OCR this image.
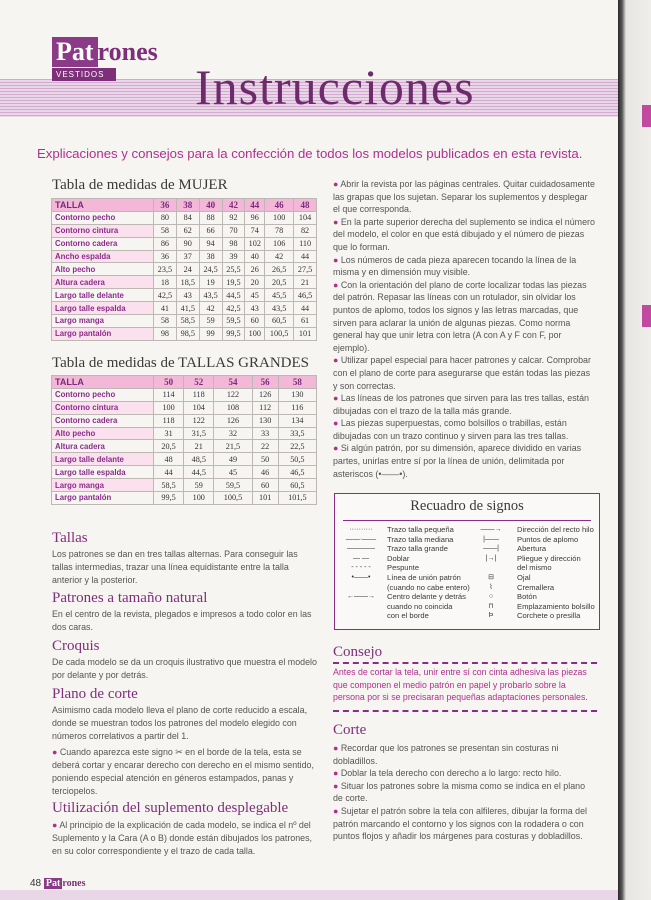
Pat rones
VESTIDOS Instrucciones
Explicaciones y consejos para la confección de todos los modelos publicados en esta revista.
Tabla de medidas de MUJER
TALLA	36	38	40	42	44	46	48
Contorno pecho	80	84	88	92	96	100	104
Contorno cintura	58	62	66	70	74	78	82
Contorno cadera	86	90	94	98	102	106	110
Ancho espalda	36	37	38	39	40	42	44
Alto pecho	23,5	24	24,5	25,5	26	26,5	27,5
Altura cadera	18	18,5	19	19,5	20	20,5	21
Largo talle delante	42,5	43	43,5	44,5	45	45,5	46,5
Largo talle espalda	41	41,5	42	42,5	43	43,5	44
Largo manga	58	58,5	59	59,5	60	60,5	61
Largo pantalón	98	98,5	99	99,5	100	100,5	101
Tabla de medidas de TALLAS GRANDES
TALLA	50	52	54	56	58
Contorno pecho	114	118	122	126	130
Contorno cintura	100	104	108	112	116
Contorno cadera	118	122	126	130	134
Alto pecho	31	31,5	32	33	33,5
Altura cadera	20,5	21	21,5	22	22,5
Largo talle delante	48	48,5	49	50	50,5
Largo talle espalda	44	44,5	45	46	46,5
Largo manga	58,5	59	59,5	60	60,5
Largo pantalón	99,5	100	100,5	101	101,5
Tallas
Los patrones se dan en tres tallas alternas. Para conseguir las tallas intermedias, trazar una línea equidistante entre la talla anterior y la posterior.
Patrones a tamaño natural
En el centro de la revista, plegados e impresos a todo color en las dos caras.
Croquis
De cada modelo se da un croquis ilustrativo que muestra el modelo por delante y por detrás.
Plano de corte
Asimismo cada modelo lleva el plano de corte reducido a escala, donde se muestran todos los patrones del modelo elegido con números correlativos a partir del 1.
● Cuando aparezca este signo ✂ en el borde de la tela, esta se deberá cortar y encarar derecho con derecho en el mismo sentido, poniendo especial atención en géneros estampados, panas y terciopelos.
Utilización del suplemento desplegable
● Al principio de la explicación de cada modelo, se indica el nº del Suplemento y la Cara (A o B) donde están dibujados los patrones, en su color correspondiente y el trazo de cada talla.

● Abrir la revista por las páginas centrales. Quitar cuidadosamente las grapas que los sujetan. Separar los suplementos y desplegar el que corresponda.

● En la parte superior derecha del suplemento se indica el número del modelo, el color en que está dibujado y el número de piezas que lo forman.

● Los números de cada pieza aparecen tocando la línea de la misma y en dimensión muy visible.

● Con la orientación del plano de corte localizar todas las piezas del patrón. Repasar las líneas con un rotulador, sin olvidar los puntos de aplomo, todos los signos y las letras marcadas, que sirven para aclarar la unión de algunas piezas. Como norma general hay que unir letra con letra (A con A y F con F, por ejemplo).

● Utilizar papel especial para hacer patrones y calcar. Comprobar con el plano de corte para asegurarse que están todas las piezas y son correctas.

● Las líneas de los patrones que sirven para las tres tallas, están dibujadas con el trazo de la talla más grande.

● Las piezas superpuestas, como bolsillos o trabillas, están dibujadas con un trazo continuo y sirven para las tres tallas.

● Si algún patrón, por su dimensión, aparece dividido en varias partes, unirlas entre sí por la línea de unión, delimitada por asteriscos (•——•).

Recuadro de signos
··········	Trazo talla pequeña
——·——	Trazo talla mediana
————	Trazo talla grande
— —	Doblar
- - - - -	Pespunte
•——•	Línea de unión patrón
(cuando no cabe entero)
←——→	Centro delante y detrás
cuando no coincida
con el borde
——→	Dirección del recto hilo
|——	Puntos de aplomo
——|	Abertura
|→|	Pliegue y dirección
del mismo
⊟	Ojal
⌇	Cremallera
○	Botón
⊓	Emplazamiento bolsillo
Þ	Corchete o presilla
Consejo
Antes de cortar la tela, unir entre sí con cinta adhesiva las piezas que componen el medio patrón en papel y probarlo sobre la persona por si se precisaran pequeñas adaptaciones personales.
Corte

● Recordar que los patrones se presentan sin costuras ni dobladillos.

● Doblar la tela derecho con derecho a lo largo: recto hilo.

● Situar los patrones sobre la misma como se indica en el plano de corte.

● Sujetar el patrón sobre la tela con alfileres, dibujar la forma del patrón marcando el contorno y los signos con la rodadera o con puntos flojos y añadir los márgenes para costuras y dobladillos.

48 Pat rones
